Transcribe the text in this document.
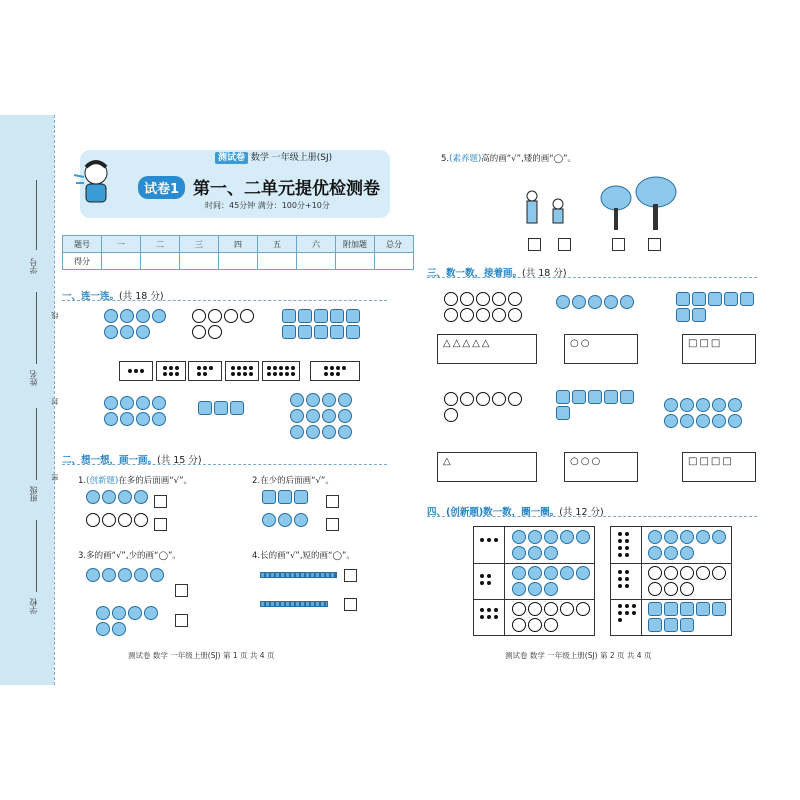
学号
姓名
班级
学校
线
封
密
测试卷 数学 一年级上册(SJ)
试卷1 第一、二单元提优检测卷
时间：45分钟 满分：100分+10分
题号	一	二	三	四	五	六	附加题	总分
得分								
一、连一连。(共 18 分)
二、想一想，画一画。(共 15 分)
1.(创新题)在多的后面画“√”。	2.在少的后面画“√”。
3.多的画“√”,少的画“◯”。	4.长的画“√”,短的画“◯”。
测试卷 数学 一年级上册(SJ) 第 1 页 共 4 页
5.(素养题)高的画“√”,矮的画“◯”。
三、数一数，接着画。(共 18 分)
△△△△△	○○	□□□
△	○○○	□□□□
四、(创新题)数一数，圈一圈。(共 12 分)
测试卷 数学 一年级上册(SJ) 第 2 页 共 4 页
